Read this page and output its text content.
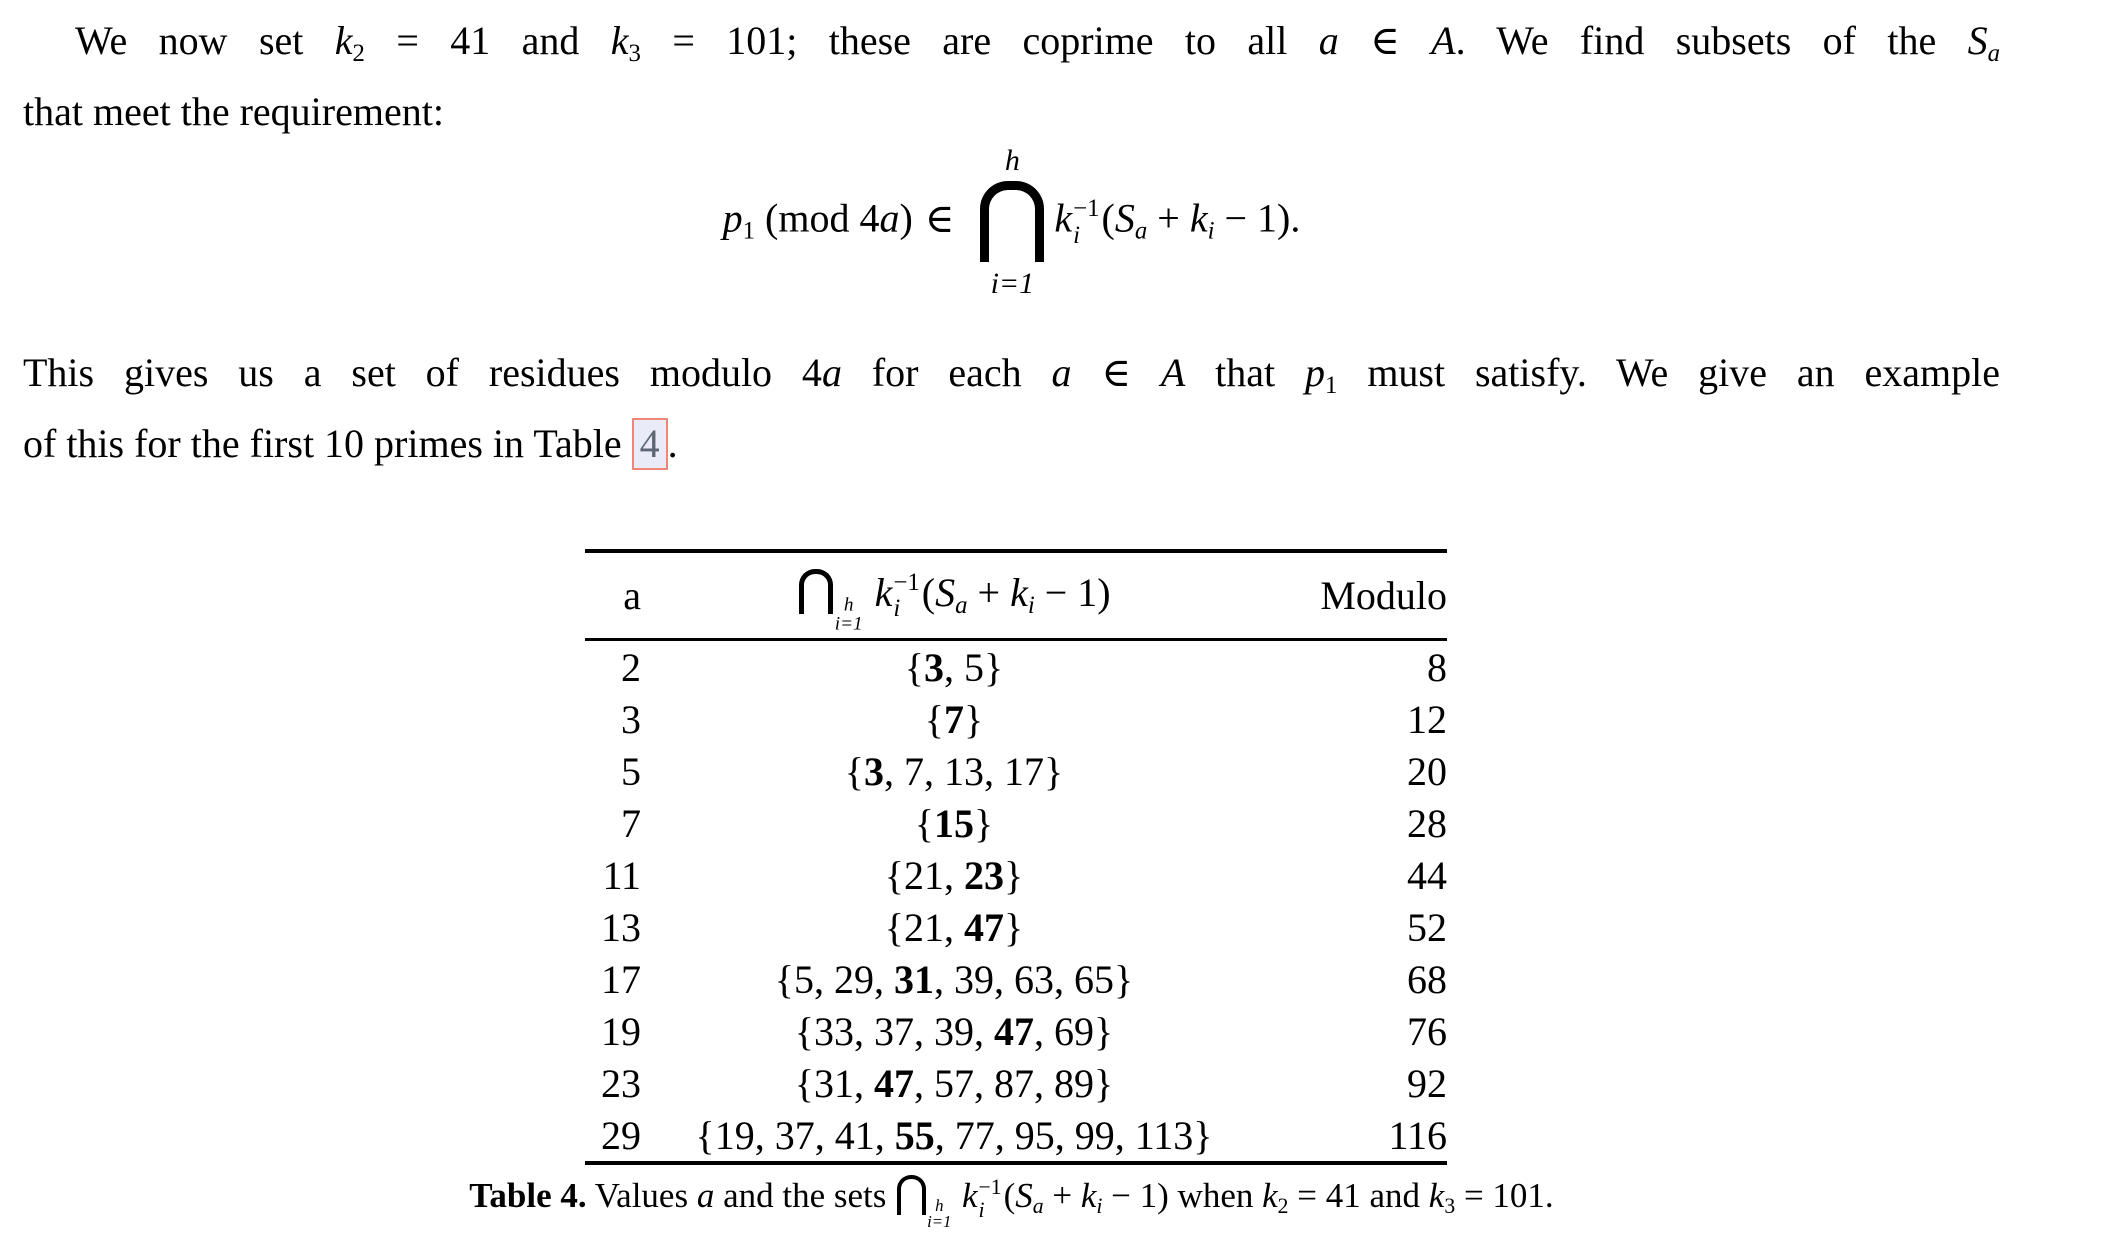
We now set $k_2 = 41$ and $k_3 = 101$; these are coprime to all a ∈ A. We find subsets of the $S_a$
that meet the requirement:
$p_1$ (mod 4a) ∈
h
i=1
k −1
i $(S_a + k_i - 1)$.
This gives us a set of residues modulo 4a for each a ∈ A that $p_1$ must satisfy. We give an example
of this for the first 10 primes in Table 4 .
a	h
i=1
k −1
i $(S_a + k_i - 1)$	Modulo
2	{3, 5}	8
3	{7}	12
5	{3, 7, 13, 17}	20
7	{15}	28
11	{21, 23}	44
13	{21, 47}	52
17	{5, 29, 31, 39, 63, 65}	68
19	{33, 37, 39, 47, 69}	76
23	{31, 47, 57, 87, 89}	92
29	{19, 37, 41, 55, 77, 95, 99, 113}	116
Table 4. Values a and the sets	h
i=1
k −1
i $(S_a + k_i - 1)$ when $k_2 = 41$ and $k_3 = 101$.
